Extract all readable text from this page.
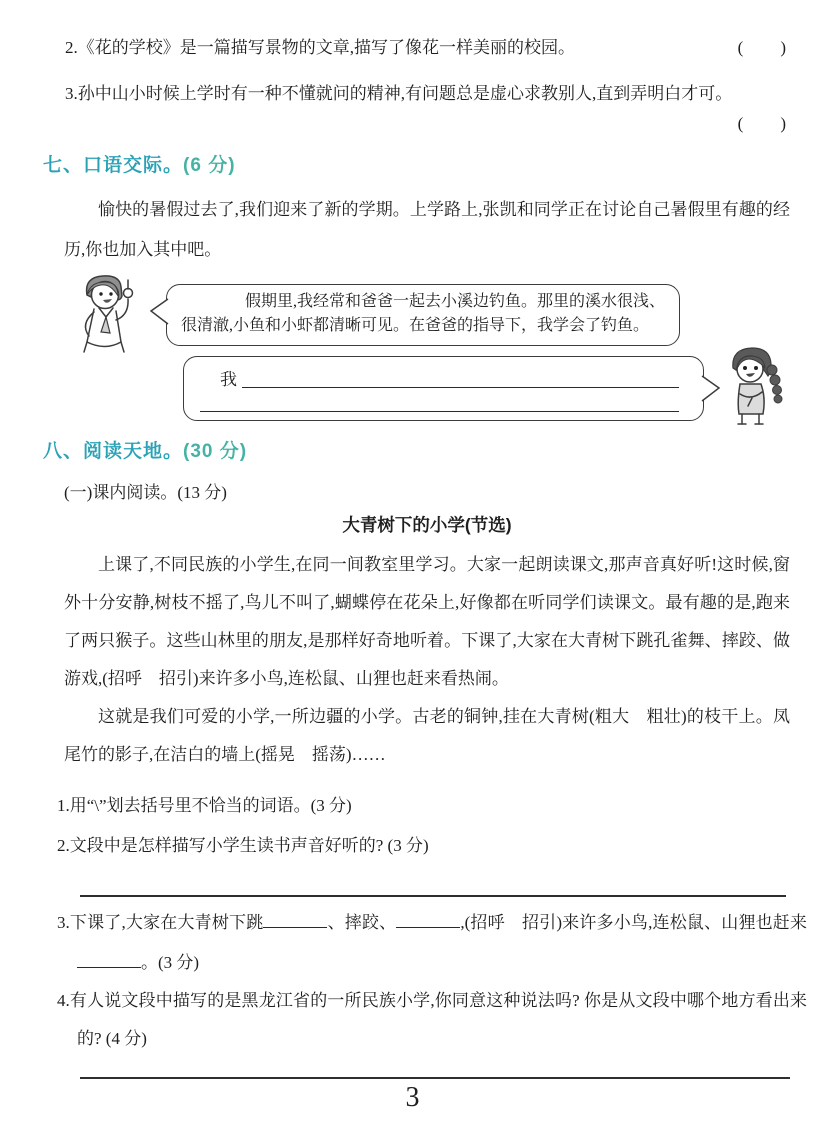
2.《花的学校》是一篇描写景物的文章,描写了像花一样美丽的校园。	( )
3.孙中山小时候上学时有一种不懂就问的精神,有问题总是虚心求教别人,直到弄明白才可。
( )
七、口语交际。(6 分)

愉快的暑假过去了,我们迎来了新的学期。上学路上,张凯和同学正在讨论自己暑假里有趣的经历,你也加入其中吧。

假期里,我经常和爸爸一起去小溪边钓鱼。那里的溪水很浅、很清澈,小鱼和小虾都清晰可见。在爸爸的指导下，我学会了钓鱼。
我
八、阅读天地。(30 分)
(一)课内阅读。(13 分)
大青树下的小学(节选)

上课了,不同民族的小学生,在同一间教室里学习。大家一起朗读课文,那声音真好听!这时候,窗外十分安静,树枝不摇了,鸟儿不叫了,蝴蝶停在花朵上,好像都在听同学们读课文。最有趣的是,跑来了两只猴子。这些山林里的朋友,是那样好奇地听着。下课了,大家在大青树下跳孔雀舞、摔跤、做游戏,(招呼　招引)来许多小鸟,连松鼠、山狸也赶来看热闹。

这就是我们可爱的小学,一所边疆的小学。古老的铜钟,挂在大青树(粗大　粗壮)的枝干上。凤尾竹的影子,在洁白的墙上(摇晃　摇荡)……

1.用“\”划去括号里不恰当的词语。(3 分)
2.文段中是怎样描写小学生读书声音好听的? (3 分)
3.下课了,大家在大青树下跳	、摔跤、	,(招呼　招引)来许多小鸟,连松鼠、山狸也赶来。(3 分)
4.有人说文段中描写的是黑龙江省的一所民族小学,你同意这种说法吗? 你是从文段中哪个地方看出来的? (4 分)
3
